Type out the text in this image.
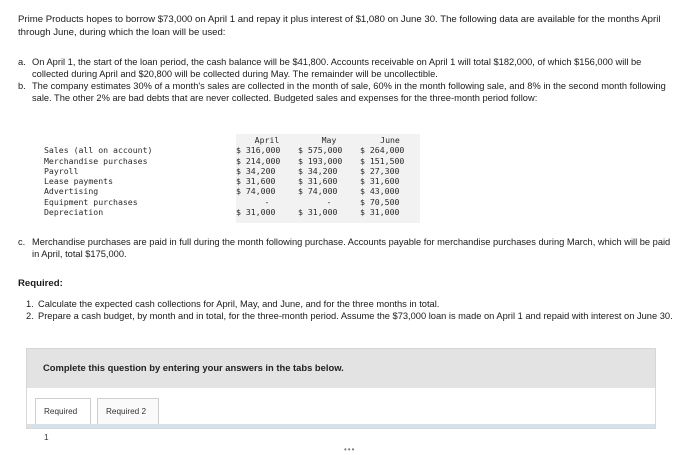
Prime Products hopes to borrow $73,000 on April 1 and repay it plus interest of $1,080 on June 30. The following data are available for the months April through June, during which the loan will be used:
a. On April 1, the start of the loan period, the cash balance will be $41,800. Accounts receivable on April 1 will total $182,000, of which $156,000 will be collected during April and $20,800 will be collected during May. The remainder will be uncollectible.
b. The company estimates 30% of a month's sales are collected in the month of sale, 60% in the month following sale, and 8% in the second month following sale. The other 2% are bad debts that are never collected. Budgeted sales and expenses for the three-month period follow:
	April	May	June
Sales (all on account)	$ 316,000	$ 575,000	$ 264,000
Merchandise purchases	$ 214,000	$ 193,000	$ 151,500
Payroll	$ 34,200	$ 34,200	$ 27,300
Lease payments	$ 31,600	$ 31,600	$ 31,600
Advertising	$ 74,000	$ 74,000	$ 43,000
Equipment purchases	-	-	$ 70,500
Depreciation	$ 31,000	$ 31,000	$ 31,000
c. Merchandise purchases are paid in full during the month following purchase. Accounts payable for merchandise purchases during March, which will be paid in April, total $175,000.
Required:
1. Calculate the expected cash collections for April, May, and June, and for the three months in total.
2. Prepare a cash budget, by month and in total, for the three-month period. Assume the $73,000 loan is made on April 1 and repaid with interest on June 30.
Complete this question by entering your answers in the tabs below.
Required 1
Required 2
•••
